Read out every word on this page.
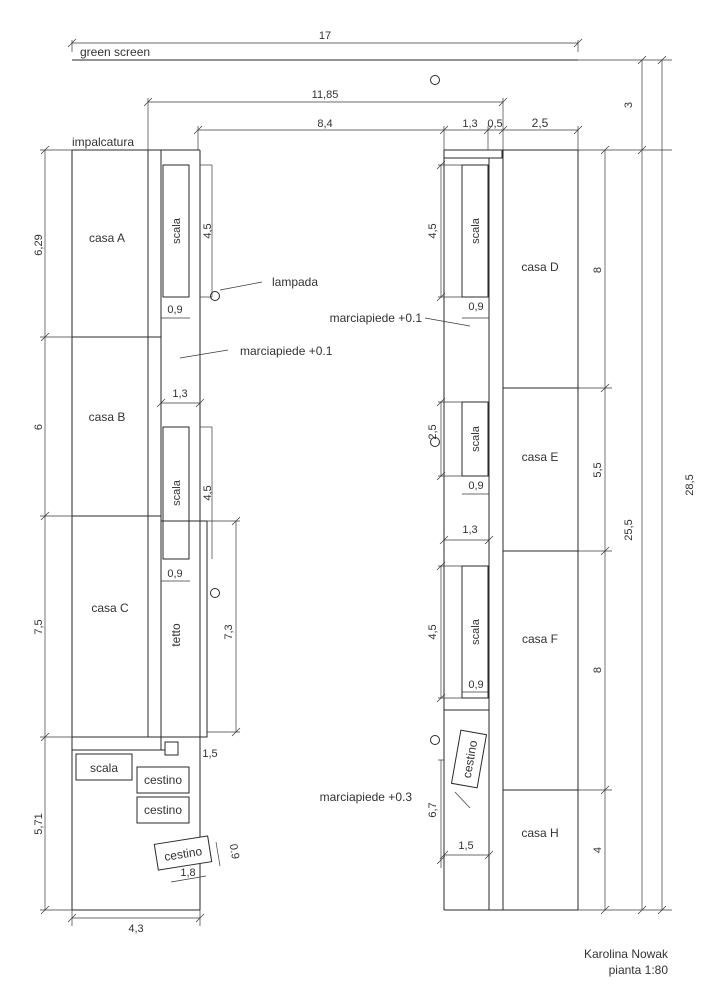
17
green screen
11,85
8,4	1,3 0,5 2,5
3
28,5
25,5
8
5,5
8
4
impalcatura
6,29
6
7,5
5,71
4,3
casa A
casa B
casa C
scala 4,5
0,9
lampada
marciapiede +0.1
1,3
scala 4,5
0,9
tetto	7,3
1,5
scala
cestino
cestino
cestino
1,8
0.9
casa D
casa E
casa F
casa H
scala
4,5
0,9
marciapiede +0.1
scala
2,5
0,9
1,3
scala
4,5
0,9
cestino
marciapiede +0.3
6,7
1,5
Karolina Nowak
pianta 1:80
